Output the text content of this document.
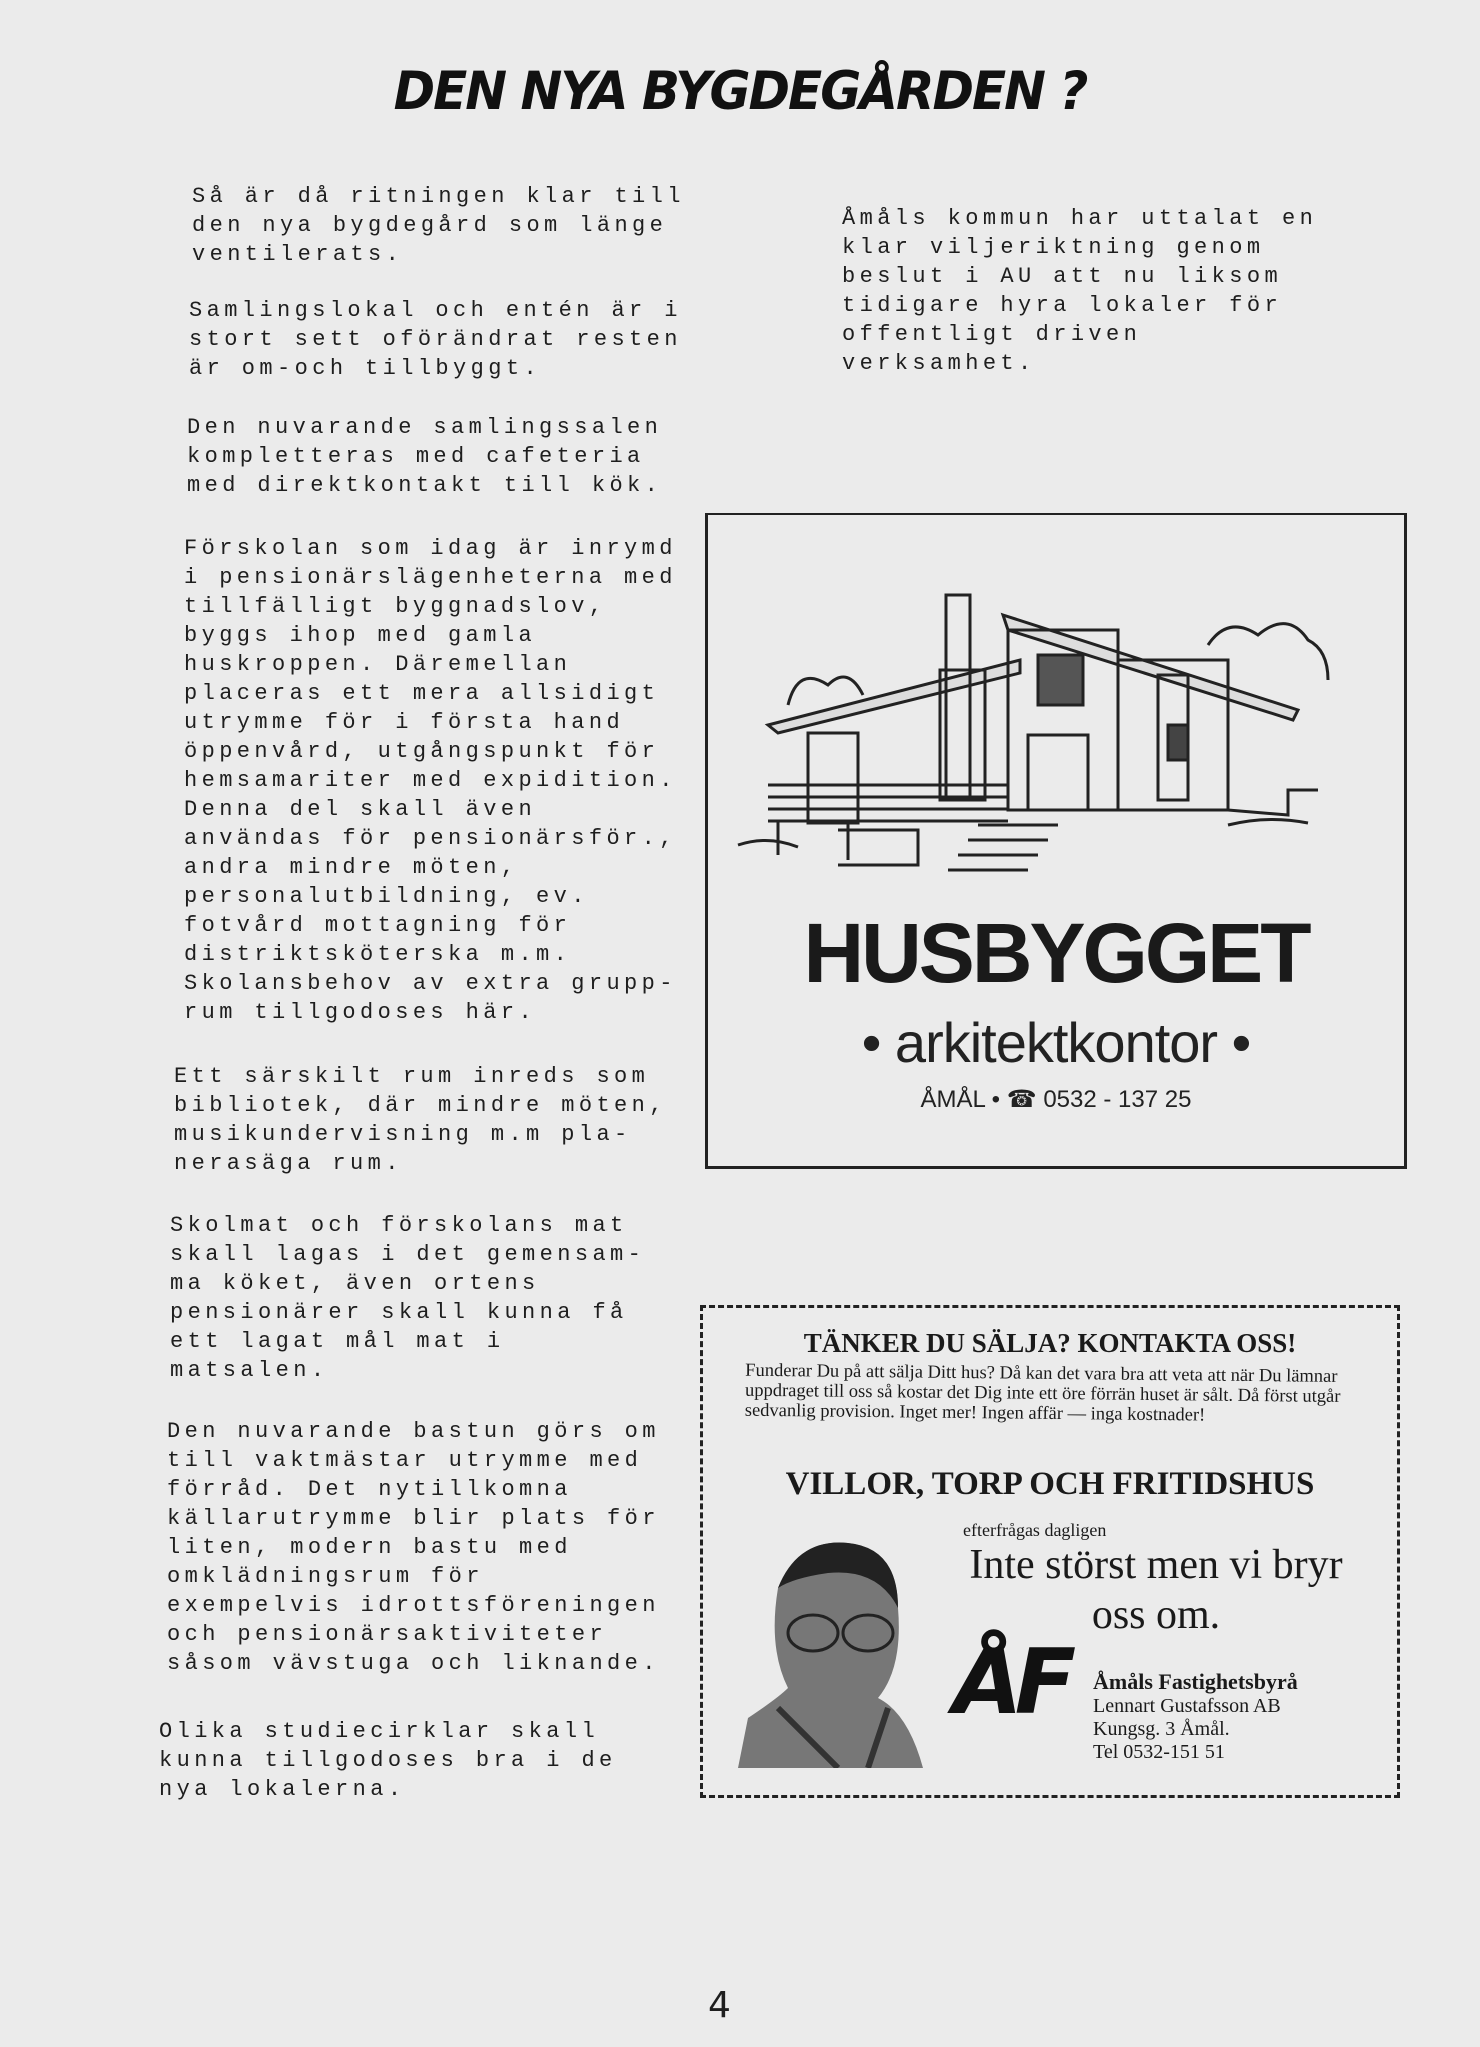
DEN NYA BYGDEGÅRDEN ?
Så är då ritningen klar till
den nya bygdegård som länge
ventilerats.
Samlingslokal och entén är i
stort sett oförändrat resten
är om-och tillbyggt.
Den nuvarande samlingssalen
kompletteras med cafeteria
med direktkontakt till kök.
Förskolan som idag är inrymd
i pensionärslägenheterna med
tillfälligt byggnadslov,
byggs ihop med gamla
huskroppen. Däremellan
placeras ett mera allsidigt
utrymme för i första hand
öppenvård, utgångspunkt för
hemsamariter med expidition.
Denna del skall även
användas för pensionärsför.,
andra mindre möten,
personalutbildning, ev.
fotvård mottagning för
distriktsköterska m.m.
Skolansbehov av extra grupp-
rum tillgodoses här.
Ett särskilt rum inreds som
bibliotek, där mindre möten,
musikundervisning m.m pla-
nerasäga rum.
Skolmat och förskolans mat
skall lagas i det gemensam-
ma köket, även ortens
pensionärer skall kunna få
ett lagat mål mat i
matsalen.
Den nuvarande bastun görs om
till vaktmästar utrymme med
förråd. Det nytillkomna
källarutrymme blir plats för
liten, modern bastu med
omklädningsrum för
exempelvis idrottsföreningen
och pensionärsaktiviteter
såsom vävstuga och liknande.
Olika studiecirklar skall
kunna tillgodoses bra i de
nya lokalerna.
Åmåls kommun har uttalat en
klar viljeriktning genom
beslut i AU att nu liksom
tidigare hyra lokaler för
offentligt driven
verksamhet.
HUSBYGGET
• arkitektkontor •
ÅMÅL • ☎ 0532 - 137 25
TÄNKER DU SÄLJA? KONTAKTA OSS!
Funderar Du på att sälja Ditt hus? Då kan det vara bra att veta att när Du lämnar uppdraget till oss så kostar det Dig inte ett öre förrän huset är sålt. Då först utgår sedvanlig provision. Inget mer! Ingen affär — inga kostnader!
VILLOR, TORP OCH FRITIDSHUS
efterfrågas dagligen
Inte störst men vi bryr oss om.
ÅF Åmåls Fastighetsbyrå
Lennart Gustafsson AB
Kungsg. 3 Åmål.
Tel 0532-151 51
4
